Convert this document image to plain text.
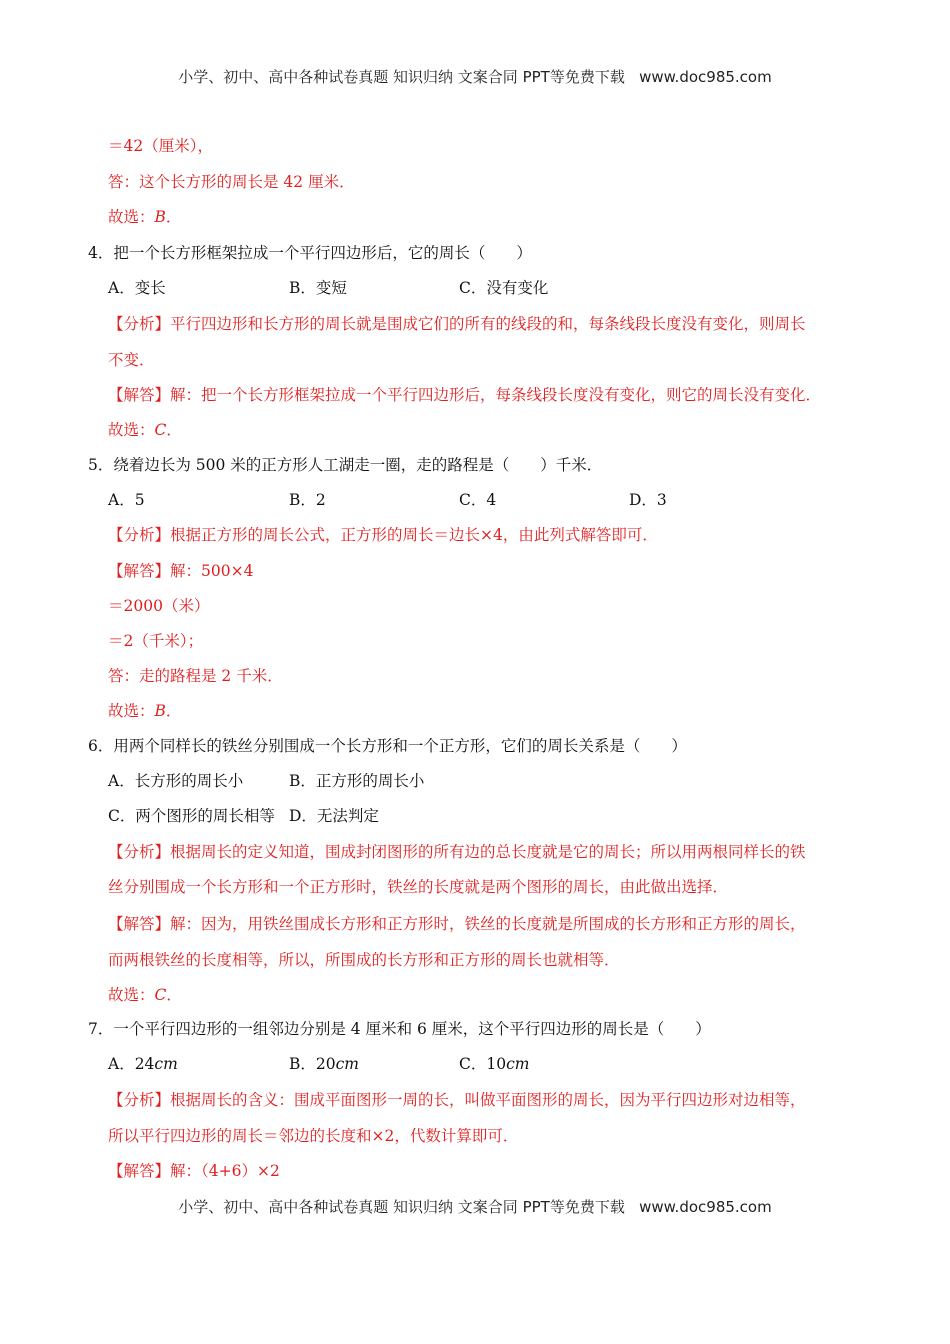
小学、初中、高中各种试卷真题 知识归纳 文案合同 PPT等免费下载   www.doc985.com
＝42（厘米），
答：这个长方形的周长是 42 厘米．
故选：B．
4．把一个长方形框架拉成一个平行四边形后，它的周长（　　）
A．变长	B．变短	C．没有变化
【分析】平行四边形和长方形的周长就是围成它们的所有的线段的和，每条线段长度没有变化，则周长
不变．
【解答】解：把一个长方形框架拉成一个平行四边形后，每条线段长度没有变化，则它的周长没有变化．
故选：C．
5．绕着边长为 500 米的正方形人工湖走一圈，走的路程是（　　）千米．
A．5	B．2	C．4	D．3
【分析】根据正方形的周长公式，正方形的周长＝边长×4，由此列式解答即可．
【解答】解：500×4
＝2000（米）
＝2（千米）；
答：走的路程是 2 千米．
故选：B．
6．用两个同样长的铁丝分别围成一个长方形和一个正方形，它们的周长关系是（　　）
A．长方形的周长小	B．正方形的周长小
C．两个图形的周长相等 D．无法判定
【分析】根据周长的定义知道，围成封闭图形的所有边的总长度就是它的周长；所以用两根同样长的铁
丝分别围成一个长方形和一个正方形时，铁丝的长度就是两个图形的周长，由此做出选择．
【解答】解：因为，用铁丝围成长方形和正方形时，铁丝的长度就是所围成的长方形和正方形的周长，
而两根铁丝的长度相等，所以，所围成的长方形和正方形的周长也就相等．
故选：C．
7．一个平行四边形的一组邻边分别是 4 厘米和 6 厘米，这个平行四边形的周长是（　　）
A．24cm	B．20cm	C．10cm
【分析】根据周长的含义：围成平面图形一周的长，叫做平面图形的周长，因为平行四边形对边相等，
所以平行四边形的周长＝邻边的长度和×2，代数计算即可．
【解答】解：（4+6）×2
小学、初中、高中各种试卷真题 知识归纳 文案合同 PPT等免费下载   www.doc985.com
